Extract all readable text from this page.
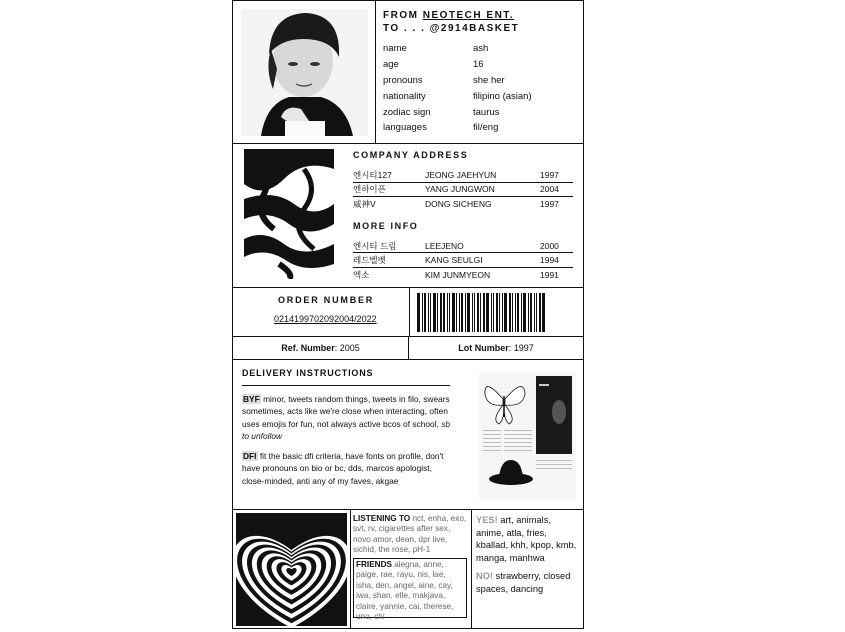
FROM NEOTECH ENT.
TO . . . @2914BASKET
name	ash
age	16
pronouns	she her
nationality	filipino (asian)
zodiac sign	taurus
languages	fil/eng
COMPANY ADDRESS
엔시티127	JEONG JAEHYUN	1997
엔하이픈	YANG JUNGWON	2004
威神V	DONG SICHENG	1997
MORE INFO
엔시티 드림	LEEJENO	2000
레드벨벳	KANG SEULGI	1994
엑소	KIM JUNMYEON	1991
ORDER NUMBER
0214199702092004/2022
Ref. Number : 2005	Lot Number : 1997
DELIVERY INSTRUCTIONS
BYF minor, tweets random things, tweets in filo, swears sometimes, acts like we're close when interacting, often uses emojis for fun, not always active bcos of school, sb to unfollow
DFI fit the basic dfi criteria, have fonts on profile, don't have pronouns on bio or bc, dds, marcos apologist, close-minded, anti any of my faves, akgae
LISTENING TO nct, enha, exo, svt, rv, cigarettes after sex, novo amor, dean, dpr live, sichid, the rose, pH-1
FRIENDS alegna, anne, paige, rae, rayu, nis, lae, isha, den, angel, aine, cay, iwa, shan, elle, makjava, claire, yannie, cai, therese, uno, chi
YES! art, animals, anime, atla, fries, kballad, khh, kpop, kmb, manga, manhwa
NO! strawberry, closed spaces, dancing
